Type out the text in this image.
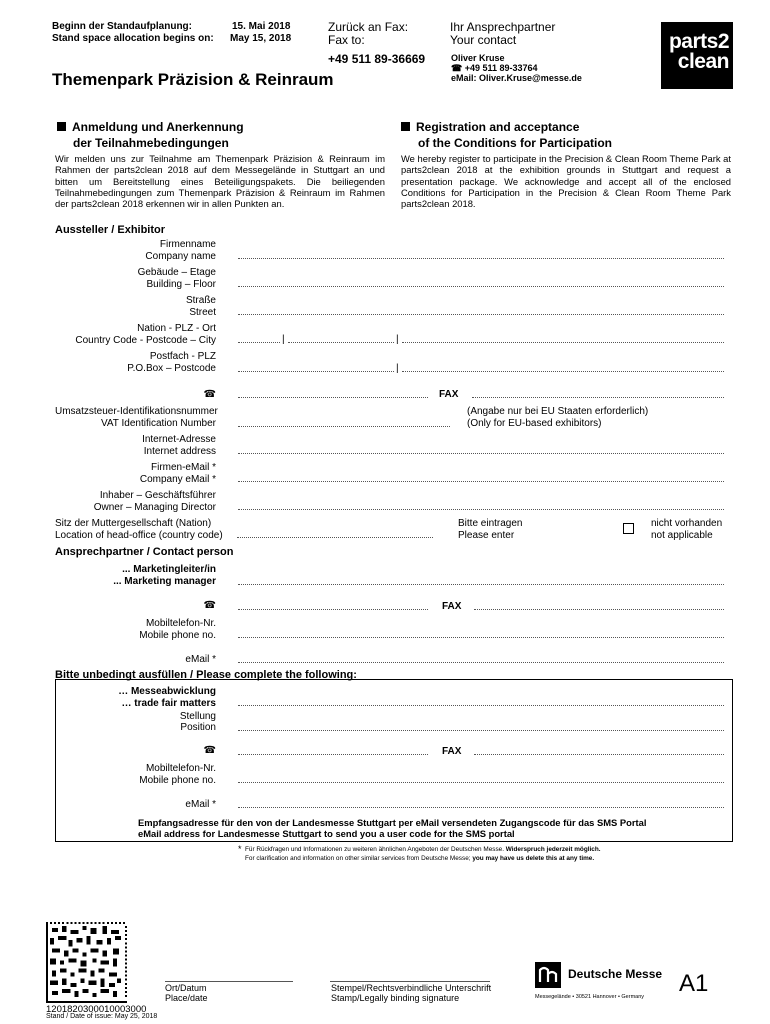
Beginn der Standaufplanung:
Stand space allocation begins on:
15. Mai 2018
May 15, 2018
Zurück an Fax:
Fax to:
+49 511 89-36669
Ihr Ansprechpartner
Your contact
Oliver Kruse
☎ +49 511 89-33764
eMail: Oliver.Kruse@messe.de
parts2
clean
Themenpark Präzision & Reinraum
Anmeldung und Anerkennung
der Teilnahmebedingungen
Wir melden uns zur Teilnahme am Themenpark Präzision & Reinraum im Rahmen der parts2clean 2018 auf dem Messegelände in Stuttgart an und bitten um Bereitstellung eines Beteiligungspakets. Die beiliegenden Teilnahmebedingungen zum Themenpark Präzision & Reinraum im Rahmen der parts2clean 2018 erkennen wir in allen Punkten an.
Registration and acceptance
of the Conditions for Participation
We hereby register to participate in the Precision & Clean Room Theme Park at parts2clean 2018 at the exhibition grounds in Stuttgart and request a presentation package. We acknowledge and accept all of the enclosed Conditions for Participation in the Precision & Clean Room Theme Park parts2clean 2018.
Aussteller / Exhibitor
Firmenname
Company name
Gebäude – Etage
Building – Floor
Straße
Street
Nation - PLZ - Ort
Country Code - Postcode – City	|	|
Postfach - PLZ
P.O.Box – Postcode	|
☎	FAX
Umsatzsteuer-Identifikationsnummer
VAT Identification Number
(Angabe nur bei EU Staaten erforderlich)
(Only for EU-based exhibitors)
Internet-Adresse
Internet address
Firmen-eMail *
Company eMail *
Inhaber – Geschäftsführer
Owner – Managing Director
Sitz der Muttergesellschaft (Nation)
Location of head-office (country code)
Bitte eintragen
Please enter
nicht vorhanden
not applicable
Ansprechpartner / Contact person
... Marketingleiter/in
... Marketing manager
☎	FAX
Mobiltelefon-Nr.
Mobile phone no.
eMail *
Bitte unbedingt ausfüllen / Please complete the following:
… Messeabwicklung
… trade fair matters
Stellung
Position
☎	FAX
Mobiltelefon-Nr.
Mobile phone no.
eMail *
Empfangsadresse für den von der Landesmesse Stuttgart per eMail versendeten Zugangscode für das SMS Portal
eMail address for Landesmesse Stuttgart to send you a user code for the SMS portal
* Für Rückfragen und Informationen zu weiteren ähnlichen Angeboten der Deutschen Messe. Widerspruch jederzeit möglich.
For clarification and information on other similar services from Deutsche Messe; you may have us delete this at any time.
Ort/Datum
Place/date
Stempel/Rechtsverbindliche Unterschrift
Stamp/Legally binding signature
Deutsche Messe
Messegelände • 30521 Hannover • Germany A1
1201820300010003000
Stand / Date of issue: May 25, 2018
